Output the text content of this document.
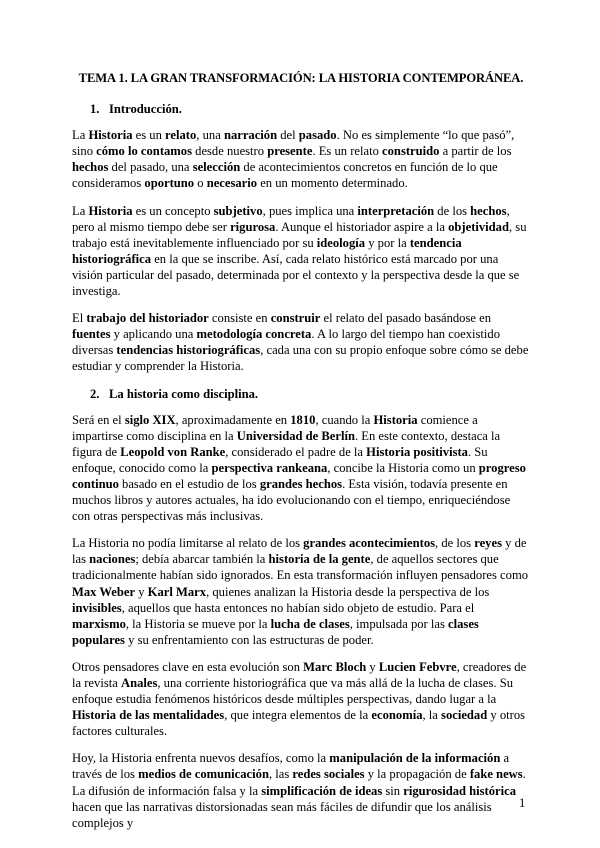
TEMA 1. LA GRAN TRANSFORMACIÓN: LA HISTORIA CONTEMPORÁNEA.
1. Introducción.

La Historia es un relato, una narración del pasado. No es simplemente “lo que pasó”, sino cómo lo contamos desde nuestro presente. Es un relato construido a partir de los hechos del pasado, una selección de acontecimientos concretos en función de lo que consideramos oportuno o necesario en un momento determinado.

La Historia es un concepto subjetivo, pues implica una interpretación de los hechos, pero al mismo tiempo debe ser rigurosa. Aunque el historiador aspire a la objetividad, su trabajo está inevitablemente influenciado por su ideología y por la tendencia historiográfica en la que se inscribe. Así, cada relato histórico está marcado por una visión particular del pasado, determinada por el contexto y la perspectiva desde la que se investiga.

El trabajo del historiador consiste en construir el relato del pasado basándose en fuentes y aplicando una metodología concreta. A lo largo del tiempo han coexistido diversas tendencias historiográficas, cada una con su propio enfoque sobre cómo se debe estudiar y comprender la Historia.

2. La historia como disciplina.

Será en el siglo XIX, aproximadamente en 1810, cuando la Historia comience a impartirse como disciplina en la Universidad de Berlín. En este contexto, destaca la figura de Leopold von Ranke, considerado el padre de la Historia positivista. Su enfoque, conocido como la perspectiva rankeana, concibe la Historia como un progreso continuo basado en el estudio de los grandes hechos. Esta visión, todavía presente en muchos libros y autores actuales, ha ido evolucionando con el tiempo, enriqueciéndose con otras perspectivas más inclusivas.

La Historia no podía limitarse al relato de los grandes acontecimientos, de los reyes y de las naciones; debía abarcar también la historia de la gente, de aquellos sectores que tradicionalmente habían sido ignorados. En esta transformación influyen pensadores como Max Weber y Karl Marx, quienes analizan la Historia desde la perspectiva de los invisibles, aquellos que hasta entonces no habían sido objeto de estudio. Para el marxismo, la Historia se mueve por la lucha de clases, impulsada por las clases populares y su enfrentamiento con las estructuras de poder.

Otros pensadores clave en esta evolución son Marc Bloch y Lucien Febvre, creadores de la revista Anales, una corriente historiográfica que va más allá de la lucha de clases. Su enfoque estudia fenómenos históricos desde múltiples perspectivas, dando lugar a la Historia de las mentalidades, que integra elementos de la economía, la sociedad y otros factores culturales.

Hoy, la Historia enfrenta nuevos desafíos, como la manipulación de la información a través de los medios de comunicación, las redes sociales y la propagación de fake news. La difusión de información falsa y la simplificación de ideas sin rigurosidad histórica hacen que las narrativas distorsionadas sean más fáciles de difundir que los análisis complejos y

1
